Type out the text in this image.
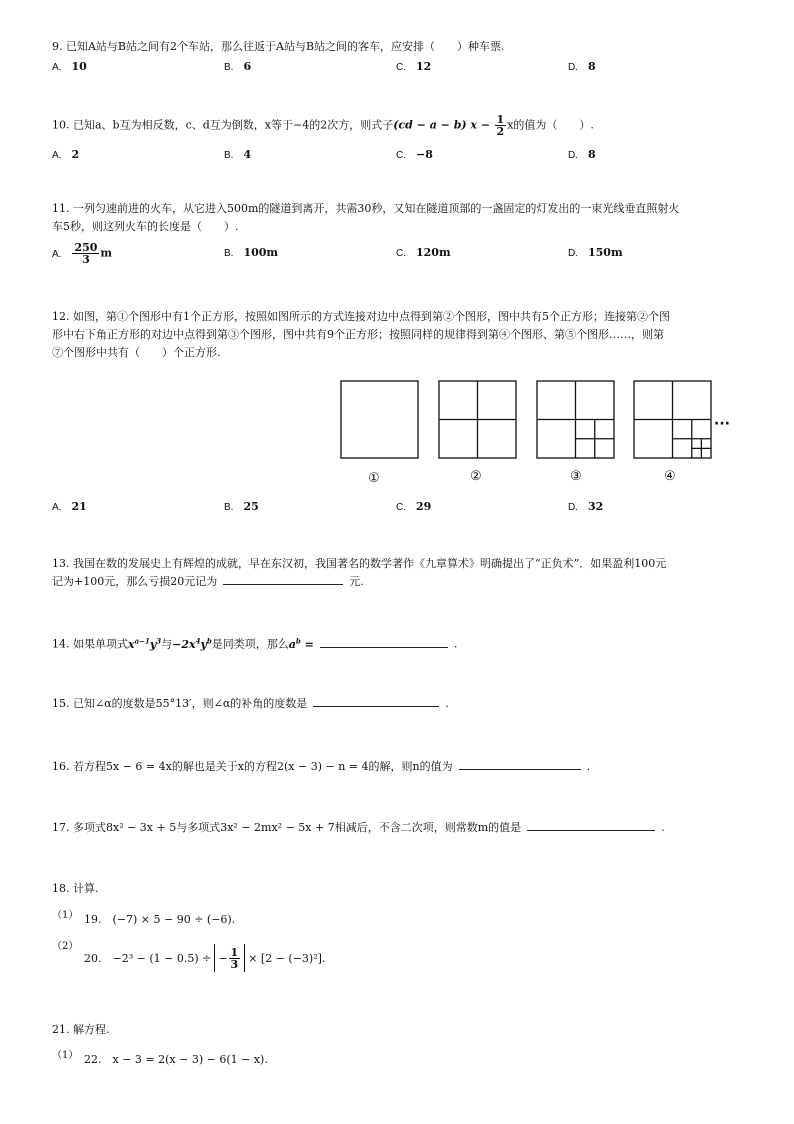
9. 已知A站与B站之间有2个车站，那么往返于A站与B站之间的客车，应安排（　　）种车票.
A. 10	B. 6	C. 12	D. 8
10. 已知a、b互为相反数，c、d互为倒数，x等于−4的2次方，则式子(cd − a − b) $x - \frac{1}{2}$ x的值为（　　）.
A. 2	B. 4	C. −8	D. 8
11. 一列匀速前进的火车，从它进入500m的隧道到离开，共需30秒，又知在隧道顶部的一盏固定的灯发出的一束光线垂直照射火
车5秒，则这列火车的长度是（　　）.
A. $\frac{250}{3}$ m	B. 100m	C. 120m	D. 150m
12. 如图，第①个图形中有1个正方形，按照如图所示的方式连接对边中点得到第②个图形，图中共有5个正方形；连接第②个图
形中右下角正方形的对边中点得到第③个图形，图中共有9个正方形；按照同样的规律得到第④个图形、第⑤个图形……，则第
⑦个图形中共有（　　）个正方形.
···
①	②	③	④
A. 21	B. 25	C. 29	D. 32
13. 我国在数的发展史上有辉煌的成就，早在东汉初，我国著名的数学著作《九章算术》明确提出了“正负术”．如果盈利100元
记为+100元，那么亏损20元记为	元.
14. 如果单项式$x^{a-1}y^3$与$-2x^4y^b$是同类项，那么$a^b$ =	.
15. 已知∠α的度数是55°13′，则∠α的补角的度数是	.
16. 若方程5x − 6 = 4x的解也是关于x的方程2(x − 3) − n = 4的解，则n的值为	.
17. 多项式8x² − 3x + 5与多项式3x² − 2mx² − 5x + 7相减后，不含二次项，则常数m的值是	.
18. 计算.
（1） 19.　(−7) × 5 − 90 ÷ (−6).
（2）
20.　−2³ − (1 − 0.5) ÷ − $\frac{1}{3} \times [2 - (-3)^2]$.
21. 解方程.
（1） 22.　x − 3 = 2(x − 3) − 6(1 − x).
